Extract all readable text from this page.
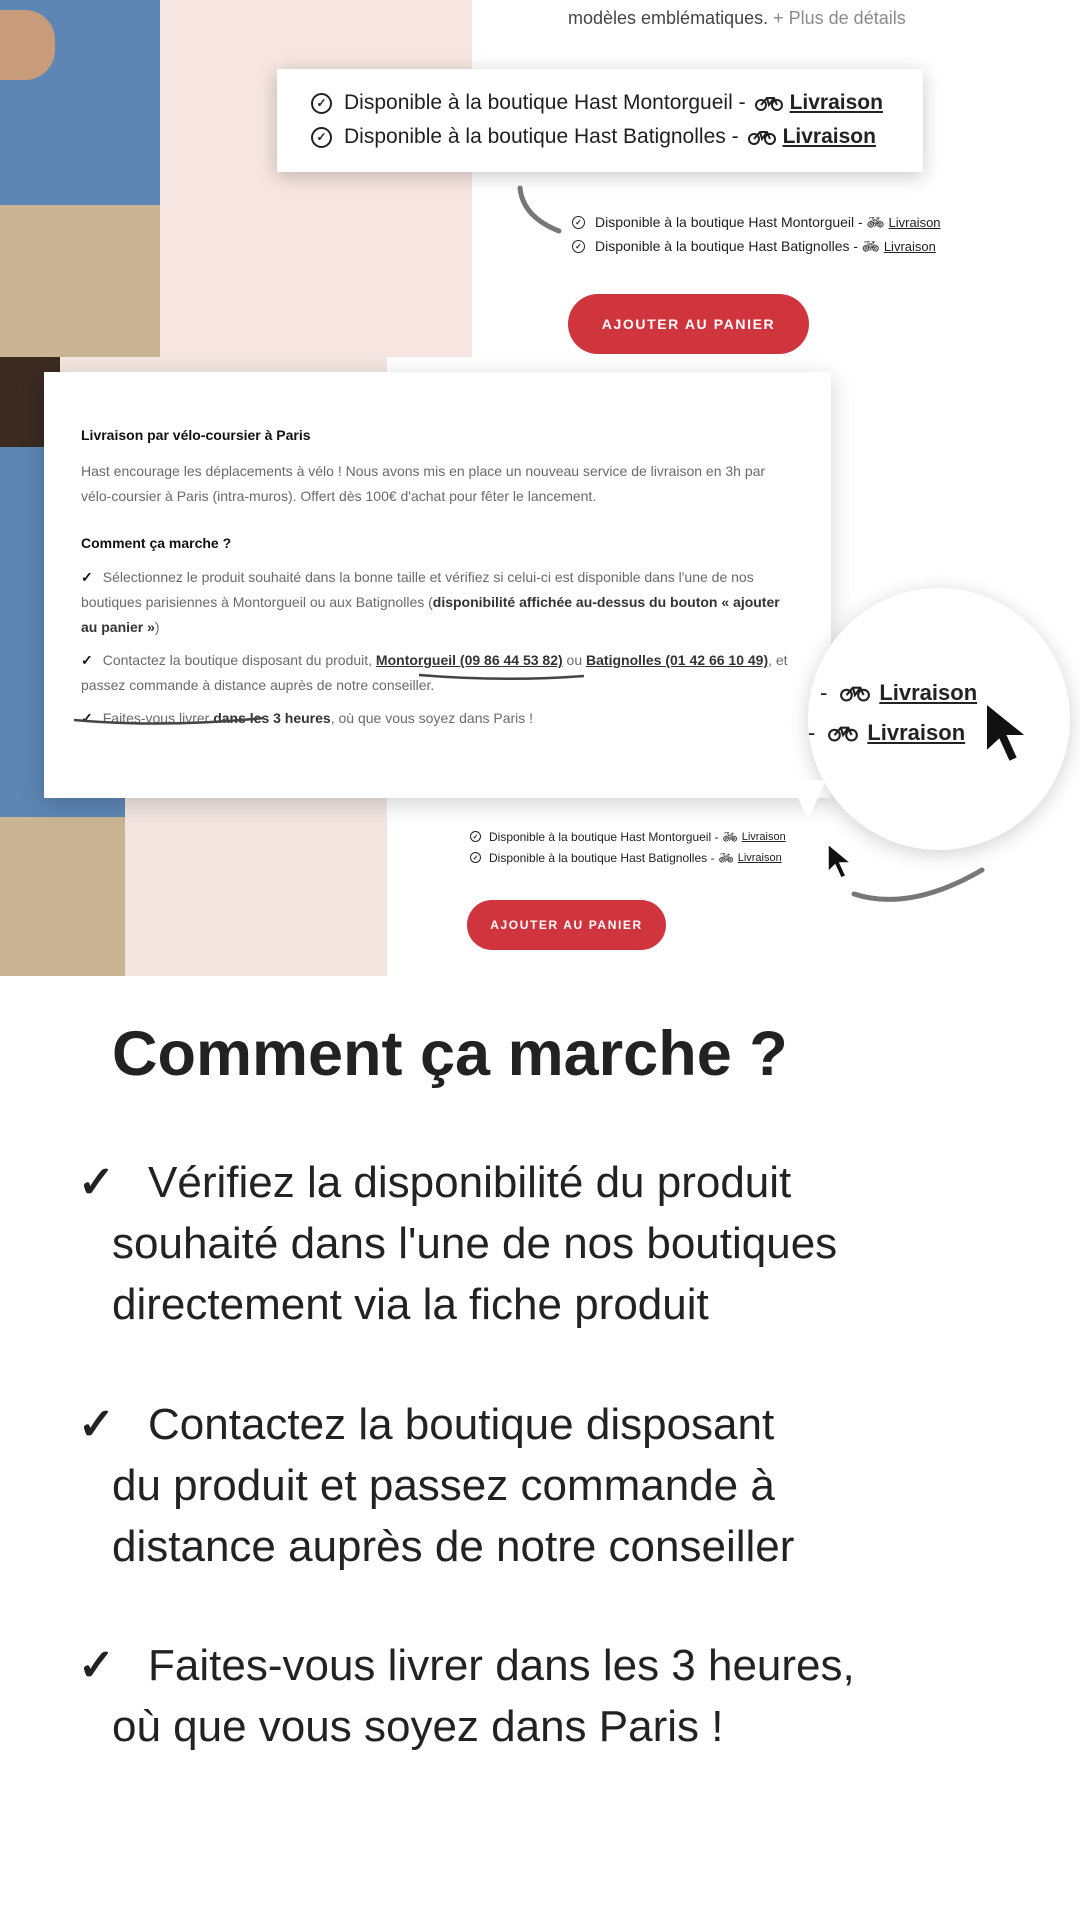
modèles emblématiques. + Plus de détails
✓ Disponible à la boutique Hast Montorgueil - Livraison
✓ Disponible à la boutique Hast Batignolles - Livraison
✓ Disponible à la boutique Hast Montorgueil - 🚲︎ Livraison
✓ Disponible à la boutique Hast Batignolles - 🚲︎ Livraison
AJOUTER AU PANIER
Livraison par vélo-coursier à Paris
Hast encourage les déplacements à vélo ! Nous avons mis en place un nouveau service de livraison en 3h par vélo-coursier à Paris (intra-muros). Offert dès 100€ d'achat pour fêter le lancement.
Comment ça marche ?
✓ Sélectionnez le produit souhaité dans la bonne taille et vérifiez si celui-ci est disponible dans l'une de nos boutiques parisiennes à Montorgueil ou aux Batignolles (disponibilité affichée au-dessus du bouton « ajouter au panier »)
✓ Contactez la boutique disposant du produit, Montorgueil (09 86 44 53 82) ou Batignolles (01 42 66 10 49), et passez commande à distance auprès de notre conseiller.
✓ Faites-vous livrer dans les 3 heures, où que vous soyez dans Paris !
- Livraison
- Livraison
✓ Disponible à la boutique Hast Montorgueil - 🚲︎ Livraison
✓ Disponible à la boutique Hast Batignolles - 🚲︎ Livraison
AJOUTER AU PANIER
Comment ça marche ?
✓ Vérifiez la disponibilité du produit
souhaité dans l'une de nos boutiques
directement via la fiche produit
✓ Contactez la boutique disposant
du produit et passez commande à
distance auprès de notre conseiller
✓ Faites-vous livrer dans les 3 heures,
où que vous soyez dans Paris !
